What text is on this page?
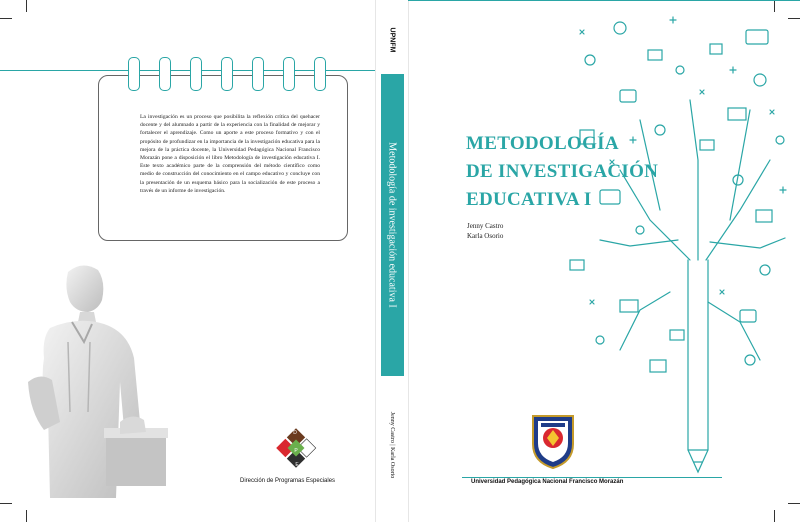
La investigación es un proceso que posibilita la reflexión crítica del quehacer docente y del alumnado a partir de la experiencia con la finalidad de mejorar y fortalecer el aprendizaje. Como un aporte a este proceso formativo y con el propósito de profundizar en la importancia de la investigación educativa para la mejora de la práctica docente, la Universidad Pedagógica Nacional Francisco Morazán pone a disposición el libro Metodología de investigación educativa I. Este texto académico parte de la comprensión del método científico como medio de construcción del conocimiento en el campo educativo y concluye con la presentación de un esquema básico para la socialización de este proceso a través de un informe de investigación.
D
P
E
Dirección de Programas Especiales
UPNFM
Metodología de investigación educativa I
Jenny Castro | Karla Osorio
METODOLOGÍA
DE INVESTIGACIÓN
EDUCATIVA I
Jenny Castro
Karla Osorio
Universidad Pedagógica Nacional Francisco Morazán
